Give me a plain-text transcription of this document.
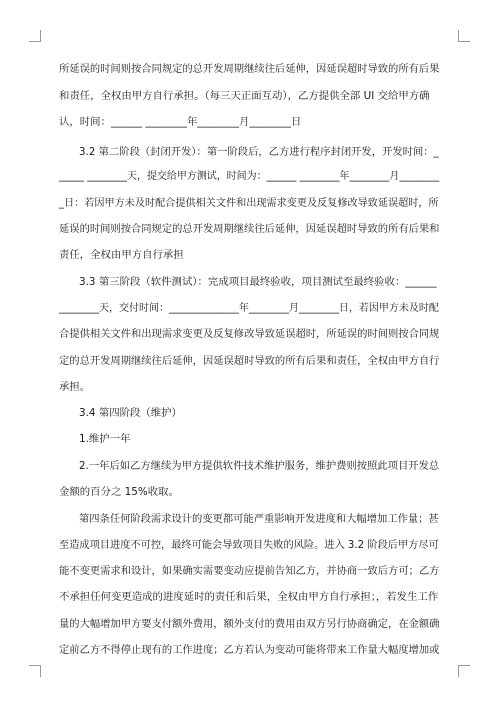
所延误的时间则按合同规定的总开发周期继续往后延伸，因延误超时导致的所有后果
和责任，全权由甲方自行承担。（每三天正面互动），乙方提供全部 UI 交给甲方确
认，时间：______ ________年________月________日
3.2 第二阶段（封闭开发）：第一阶段后，乙方进行程序封闭开发，开发时间：_
_____ ________天，提交给甲方测试，时间为：______ ________年________月________
_日：若因甲方未及时配合提供相关文件和出现需求变更及反复修改导致延误超时，所
延误的时间则按合同规定的总开发周期继续往后延伸，因延误超时导致的所有后果和
责任，全权由甲方自行承担
3.3 第三阶段（软件测试）：完成项目最终验收，项目测试至最终验收：______
________天，交付时间：______________年________月________日，若因甲方未及时配
合提供相关文件和出现需求变更及反复修改导致延误超时，所延误的时间则按合同规
定的总开发周期继续往后延伸，因延误超时导致的所有后果和责任，全权由甲方自行
承担。
3.4 第四阶段（维护）
1.维护一年
2.一年后如乙方继续为甲方提供软件技术维护服务，维护费则按照此项目开发总
金额的百分之 15%收取。
第四条任何阶段需求设计的变更都可能严重影响开发进度和大幅增加工作量；甚
至造成项目进度不可控，最终可能会导致项目失败的风险。进入 3.2 阶段后甲方尽可
能不变更需求和设计，如果确实需要变动应提前告知乙方，并协商一致后方可；乙方
不承担任何变更造成的进度延时的责任和后果，全权由甲方自行承担；，若发生工作
量的大幅增加甲方要支付额外费用，额外支付的费用由双方另行协商确定，在金额确
定前乙方不得停止现有的工作进度；乙方若认为变动可能将带来工作量大幅度增加或
